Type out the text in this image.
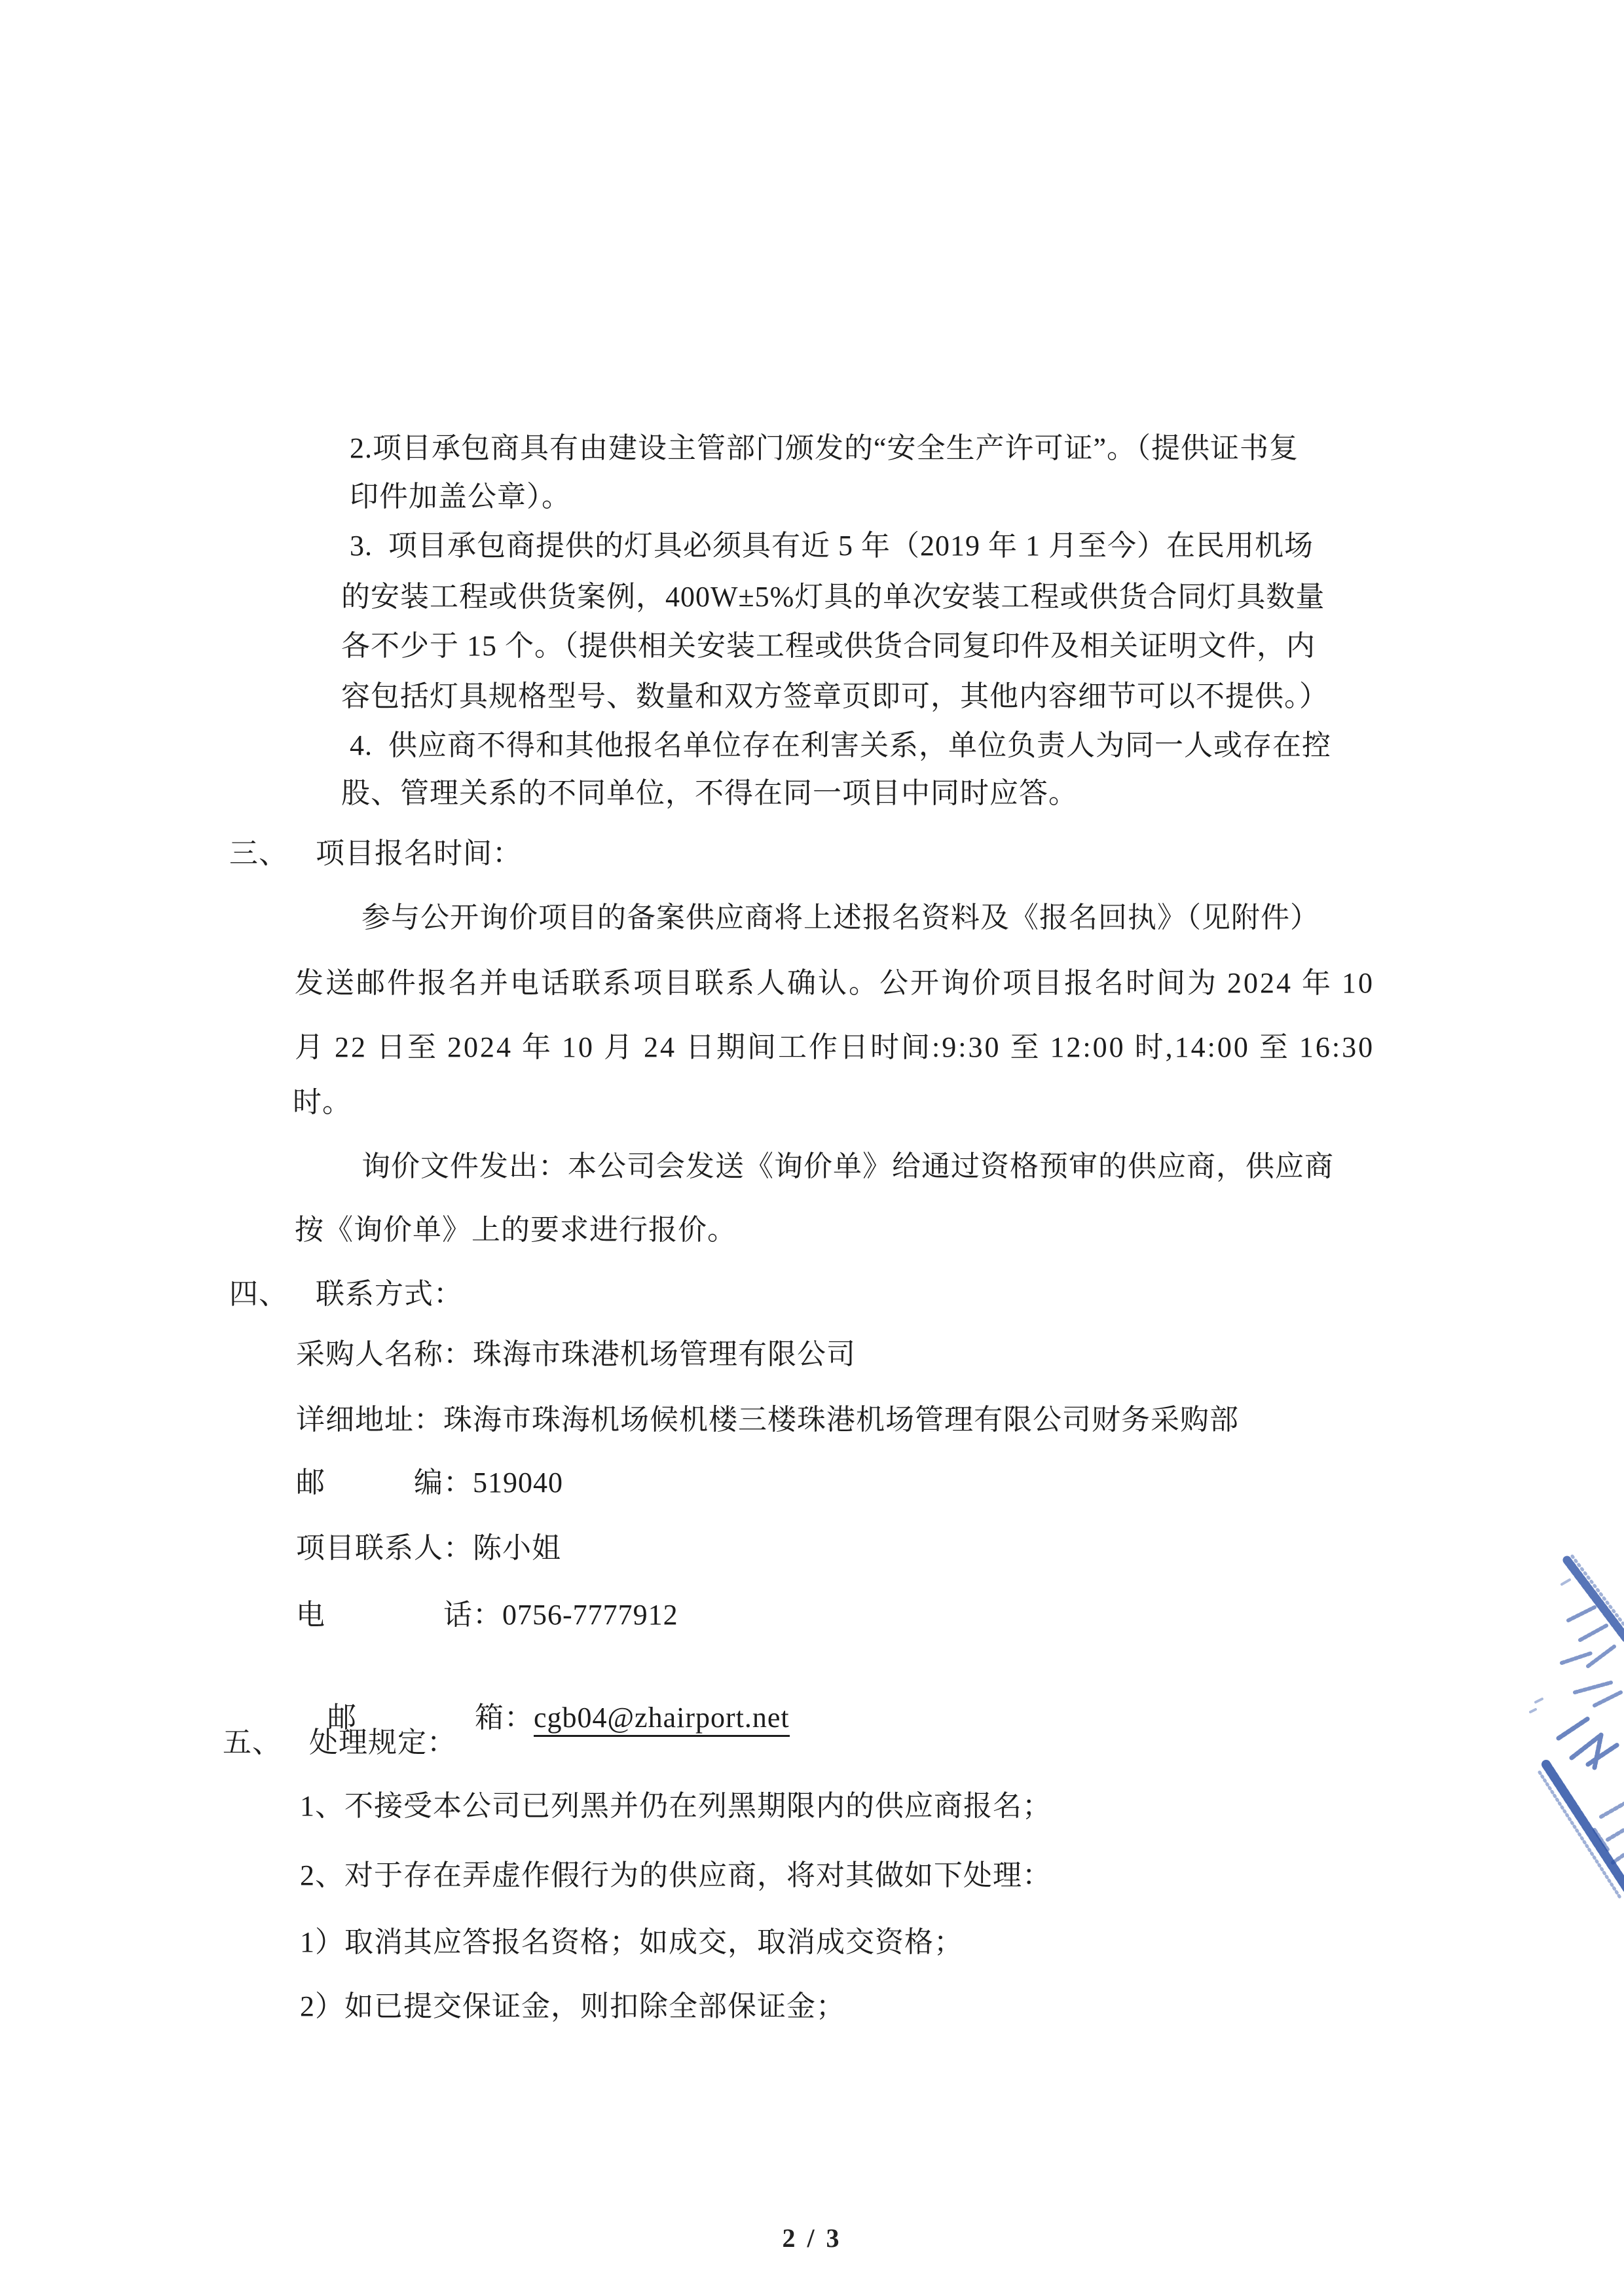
2.项目承包商具有由建设主管部门颁发的“安全生产许可证”。（提供证书复
印件加盖公章）。
3.  项目承包商提供的灯具必须具有近 5 年（2019 年 1 月至今）在民用机场
的安装工程或供货案例，400W±5%灯具的单次安装工程或供货合同灯具数量
各不少于 15 个。（提供相关安装工程或供货合同复印件及相关证明文件，内
容包括灯具规格型号、数量和双方签章页即可，其他内容细节可以不提供。）
4.  供应商不得和其他报名单位存在利害关系，单位负责人为同一人或存在控
股、管理关系的不同单位，不得在同一项目中同时应答。
三、 项目报名时间：
参与公开询价项目的备案供应商将上述报名资料及《报名回执》（见附件）
发送邮件报名并电话联系项目联系人确认。公开询价项目报名时间为 2024 年 10
月 22 日至 2024 年 10 月 24 日期间工作日时间:9:30 至 12:00 时,14:00 至 16:30
时。
询价文件发出：本公司会发送《询价单》给通过资格预审的供应商，供应商
按《询价单》上的要求进行报价。
四、 联系方式：
采购人名称：珠海市珠港机场管理有限公司
详细地址：珠海市珠海机场候机楼三楼珠港机场管理有限公司财务采购部
邮　　　编：519040
项目联系人：陈小姐
电　　　　话：0756-7777912

邮　　　　箱：cgb04@zhairport.net

五、 处理规定：
1、不接受本公司已列黑并仍在列黑期限内的供应商报名；
2、对于存在弄虚作假行为的供应商，将对其做如下处理：
1）取消其应答报名资格；如成交，取消成交资格；
2）如已提交保证金，则扣除全部保证金；
2 / 3
